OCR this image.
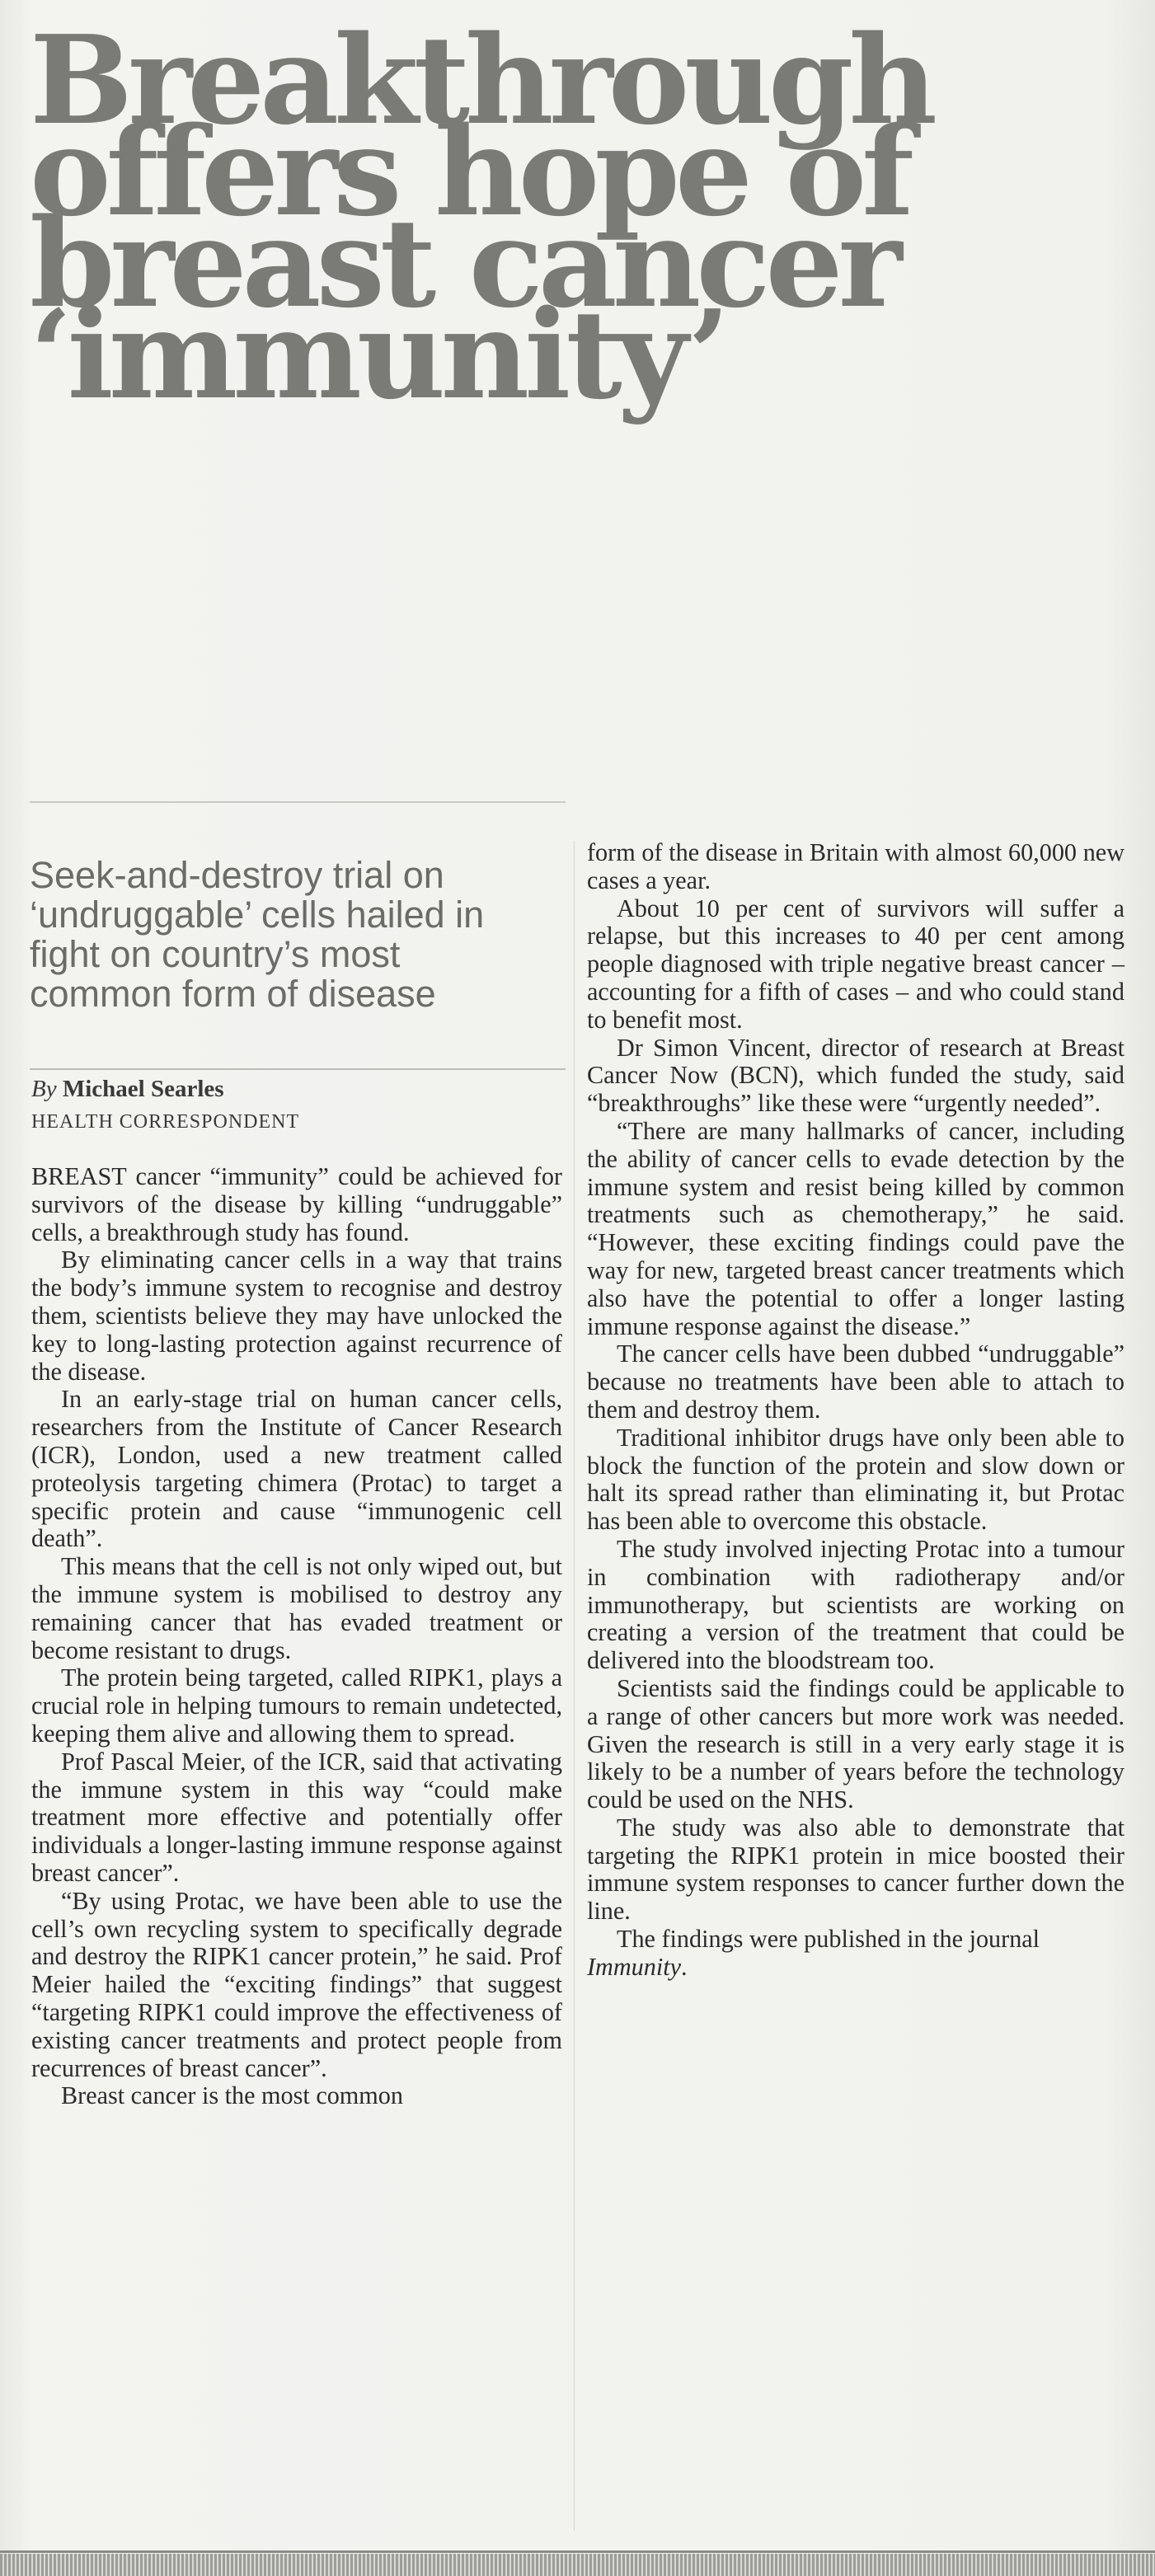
Breakthrough offers hope of breast cancer ‘immunity’
Seek-and-destroy trial on ‘undruggable’ cells hailed in fight on country’s most common form of disease
By Michael Searles
HEALTH CORRESPONDENT

BREAST cancer “immunity” could be achieved for survivors of the disease by killing “undruggable” cells, a breakthrough study has found.

By eliminating cancer cells in a way that trains the body’s immune system to recognise and destroy them, scientists believe they may have unlocked the key to long-lasting protection against recurrence of the disease.

In an early-stage trial on human cancer cells, researchers from the Institute of Cancer Research (ICR), London, used a new treatment called proteolysis targeting chimera (Protac) to target a specific protein and cause “immunogenic cell death”.

This means that the cell is not only wiped out, but the immune system is mobilised to destroy any remaining cancer that has evaded treatment or become resistant to drugs.

The protein being targeted, called RIPK1, plays a crucial role in helping tumours to remain undetected, keeping them alive and allowing them to spread.

Prof Pascal Meier, of the ICR, said that activating the immune system in this way “could make treatment more effective and potentially offer individuals a longer-lasting immune response against breast cancer”.

“By using Protac, we have been able to use the cell’s own recycling system to specifically degrade and destroy the RIPK1 cancer protein,” he said. Prof Meier hailed the “exciting findings” that suggest “targeting RIPK1 could improve the effectiveness of existing cancer treatments and protect people from recurrences of breast cancer”.

Breast cancer is the most common

form of the disease in Britain with almost 60,000 new cases a year.

About 10 per cent of survivors will suffer a relapse, but this increases to 40 per cent among people diagnosed with triple negative breast cancer – accounting for a fifth of cases – and who could stand to benefit most.

Dr Simon Vincent, director of research at Breast Cancer Now (BCN), which funded the study, said “breakthroughs” like these were “urgently needed”.

“There are many hallmarks of cancer, including the ability of cancer cells to evade detection by the immune system and resist being killed by common treatments such as chemotherapy,” he said. “However, these exciting findings could pave the way for new, targeted breast cancer treatments which also have the potential to offer a longer lasting immune response against the disease.”

The cancer cells have been dubbed “undruggable” because no treatments have been able to attach to them and destroy them.

Traditional inhibitor drugs have only been able to block the function of the protein and slow down or halt its spread rather than eliminating it, but Protac has been able to overcome this obstacle.

The study involved injecting Protac into a tumour in combination with radiotherapy and/or immunotherapy, but scientists are working on creating a version of the treatment that could be delivered into the bloodstream too.

Scientists said the findings could be applicable to a range of other cancers but more work was needed. Given the research is still in a very early stage it is likely to be a number of years before the technology could be used on the NHS.

The study was also able to demonstrate that targeting the RIPK1 protein in mice boosted their immune system responses to cancer further down the line.

The findings were published in the journal Immunity.
